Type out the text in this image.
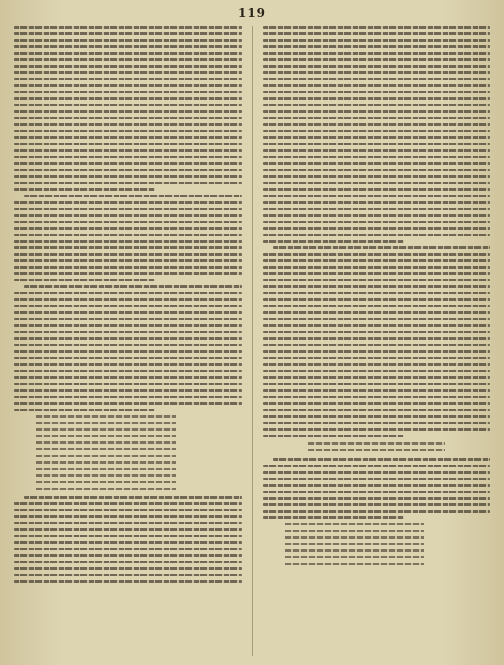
119
